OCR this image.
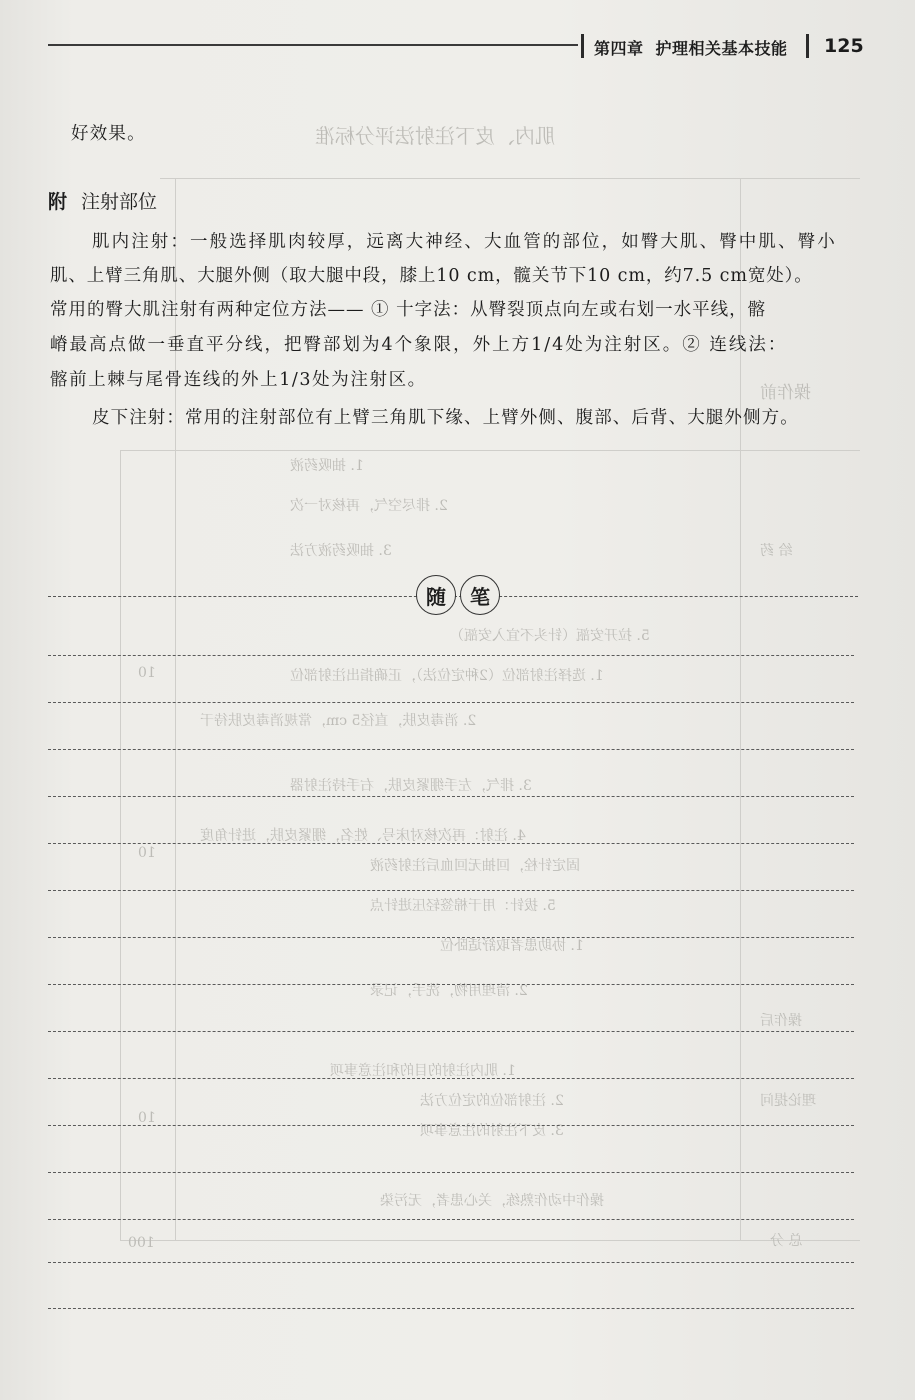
第四章 护理相关基本技能	125
肌内、皮下注射法评分标准
操作前
1. 抽吸药液
2. 排尽空气，再核对一次
3. 抽吸药液方法	给 药
5. 拉开安瓿（针头不宜入安瓿）
1. 选择注射部位（2种定位法），正确指出注射部位
2. 消毒皮肤，直径5 cm，常规消毒皮肤待干
3. 排气，左手绷紧皮肤，右手持注射器
4. 注射：再次核对床号、姓名，绷紧皮肤，进针角度
固定针栓，回抽无回血后注射药液
5. 拔针：用干棉签轻压进针点
1. 协助患者取舒适卧位
2. 清理用物，洗手，记录
操作后
1. 肌内注射的目的和注意事项
2. 注射部位的定位方法	理论提问
3. 皮下注射的注意事项
操作中动作熟练，关心患者，无污染
总 分
100
10
10
10
好效果。
附 注射部位
肌内注射：一般选择肌肉较厚，远离大神经、大血管的部位，如臀大肌、臀中肌、臀小
肌、上臂三角肌、大腿外侧（取大腿中段，膝上10 cm，髋关节下10 cm，约7.5 cm宽处）。
常用的臀大肌注射有两种定位方法—— ① 十字法：从臀裂顶点向左或右划一水平线，髂
嵴最高点做一垂直平分线，把臀部划为4个象限，外上方1/4处为注射区。② 连线法：
髂前上棘与尾骨连线的外上1/3处为注射区。
皮下注射：常用的注射部位有上臂三角肌下缘、上臂外侧、腹部、后背、大腿外侧方。
随	笔
